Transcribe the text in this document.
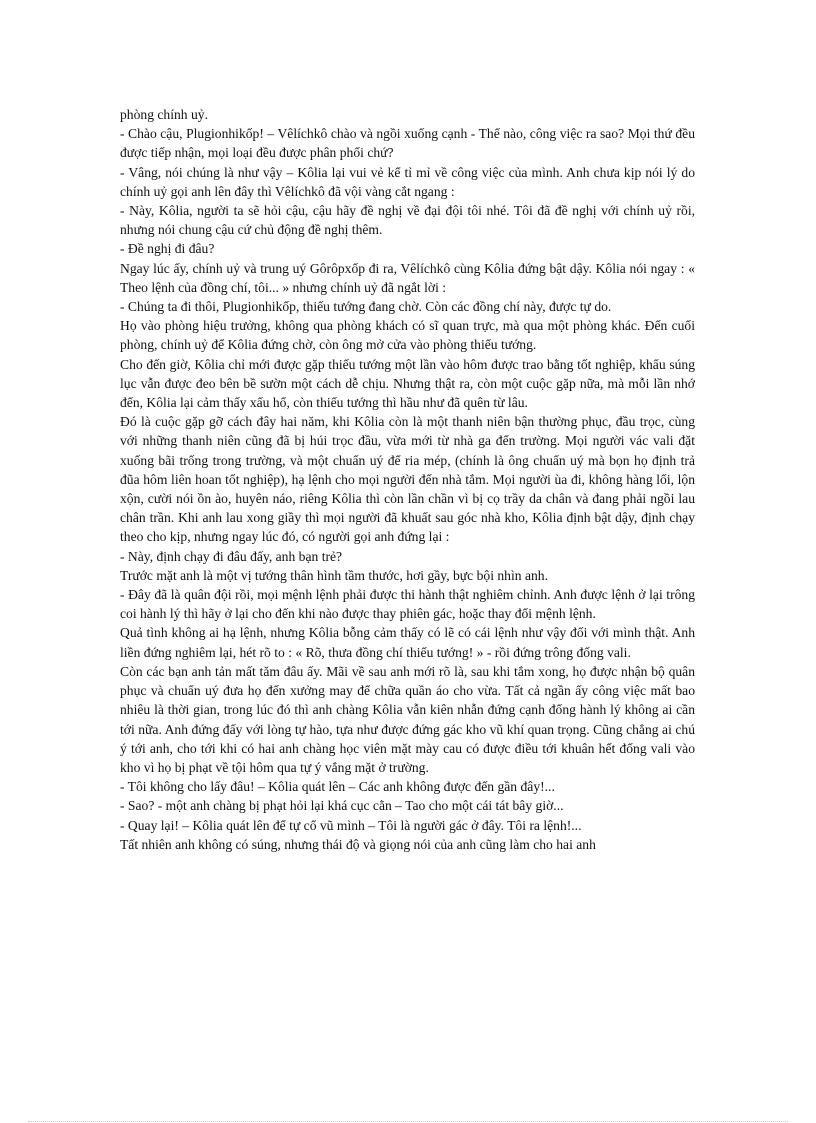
phòng chính uỷ.

- Chào cậu, Plugionhikốp! – Vêlíchkô chào và ngồi xuống cạnh - Thế nào, công việc ra sao? Mọi thứ đều được tiếp nhận, mọi loại đều được phân phối chứ?

- Vâng, nói chúng là như vậy – Kôlia lại vui vẻ kể tỉ mỉ về công việc của mình. Anh chưa kịp nói lý do chính uỷ gọi anh lên đây thì Vêlíchkô đã vội vàng cắt ngang :

- Này, Kôlia, người ta sẽ hỏi cậu, cậu hãy đề nghị về đại đội tôi nhé. Tôi đã đề nghị với chính uỷ rồi, nhưng nói chung cậu cứ chủ động đề nghị thêm.

- Đề nghị đi đâu?

Ngay lúc ấy, chính uỷ và trung uý Gôrôpxốp đi ra, Vêlíchkô cùng Kôlia đứng bật dậy. Kôlia nói ngay : « Theo lệnh của đồng chí, tôi... » nhưng chính uỷ đã ngắt lời :

- Chúng ta đi thôi, Plugionhikốp, thiếu tướng đang chờ. Còn các đồng chí này, được tự do.

Họ vào phòng hiệu trưởng, không qua phòng khách có sĩ quan trực, mà qua một phòng khác. Đến cuối phòng, chính uỷ để Kôlia đứng chờ, còn ông mở cửa vào phòng thiếu tướng.

Cho đến giờ, Kôlia chỉ mới được gặp thiếu tướng một lần vào hôm được trao bằng tốt nghiệp, khẩu súng lục vẫn được đeo bên bề sườn một cách dễ chịu. Nhưng thật ra, còn một cuộc gặp nữa, mà mỗi lần nhớ đến, Kôlia lại cảm thấy xấu hổ, còn thiếu tướng thì hầu như đã quên từ lâu.

Đó là cuộc gặp gỡ cách đây hai năm, khi Kôlia còn là một thanh niên bận thường phục, đầu trọc, cùng với những thanh niên cũng đã bị húi trọc đầu, vừa mới từ nhà ga đến trường. Mọi người vác vali đặt xuống bãi trống trong trường, và một chuẩn uý để ria mép, (chính là ông chuẩn uý mà bọn họ định trả đũa hôm liên hoan tốt nghiệp), hạ lệnh cho mọi người đến nhà tắm. Mọi người ùa đi, không hàng lối, lộn xộn, cười nói ồn ào, huyên náo, riêng Kôlia thì còn lần chần vì bị cọ trầy da chân và đang phải ngồi lau chân trần. Khi anh lau xong giầy thì mọi người đã khuất sau góc nhà kho, Kôlia định bật dậy, định chạy theo cho kịp, nhưng ngay lúc đó, có người gọi anh đứng lại :

- Này, định chạy đi đâu đấy, anh bạn trẻ?

Trước mặt anh là một vị tướng thân hình tầm thước, hơi gầy, bực bội nhìn anh.

- Đây đã là quân đội rồi, mọi mệnh lệnh phải được thi hành thật nghiêm chỉnh. Anh được lệnh ở lại trông coi hành lý thì hãy ở lại cho đến khi nào được thay phiên gác, hoặc thay đổi mệnh lệnh.

Quả tình không ai hạ lệnh, nhưng Kôlia bỗng cảm thấy có lẽ có cái lệnh như vậy đối với mình thật. Anh liền đứng nghiêm lại, hét rõ to : « Rõ, thưa đồng chí thiếu tướng! » - rồi đứng trông đống vali.

Còn các bạn anh tản mất tăm đâu ấy. Mãi về sau anh mới rõ là, sau khi tắm xong, họ được nhận bộ quân phục và chuẩn uý đưa họ đến xưởng may để chữa quần áo cho vừa. Tất cả ngần ấy công việc mất bao nhiêu là thời gian, trong lúc đó thì anh chàng Kôlia vẫn kiên nhẫn đứng cạnh đống hành lý không ai cần tới nữa. Anh đứng đấy với lòng tự hào, tựa như được đứng gác kho vũ khí quan trọng. Cũng chẳng ai chú ý tới anh, cho tới khi có hai anh chàng học viên mặt mày cau có được điều tới khuân hết đống vali vào kho vì họ bị phạt về tội hôm qua tự ý vắng mặt ở trường.

- Tôi không cho lấy đâu! – Kôlia quát lên – Các anh không được đến gần đây!...

- Sao? - một anh chàng bị phạt hỏi lại khá cục cằn – Tao cho một cái tát bây giờ...

- Quay lại! – Kôlia quát lên để tự cổ vũ mình – Tôi là người gác ở đây. Tôi ra lệnh!...

Tất nhiên anh không có súng, nhưng thái độ và giọng nói của anh cũng làm cho hai anh
